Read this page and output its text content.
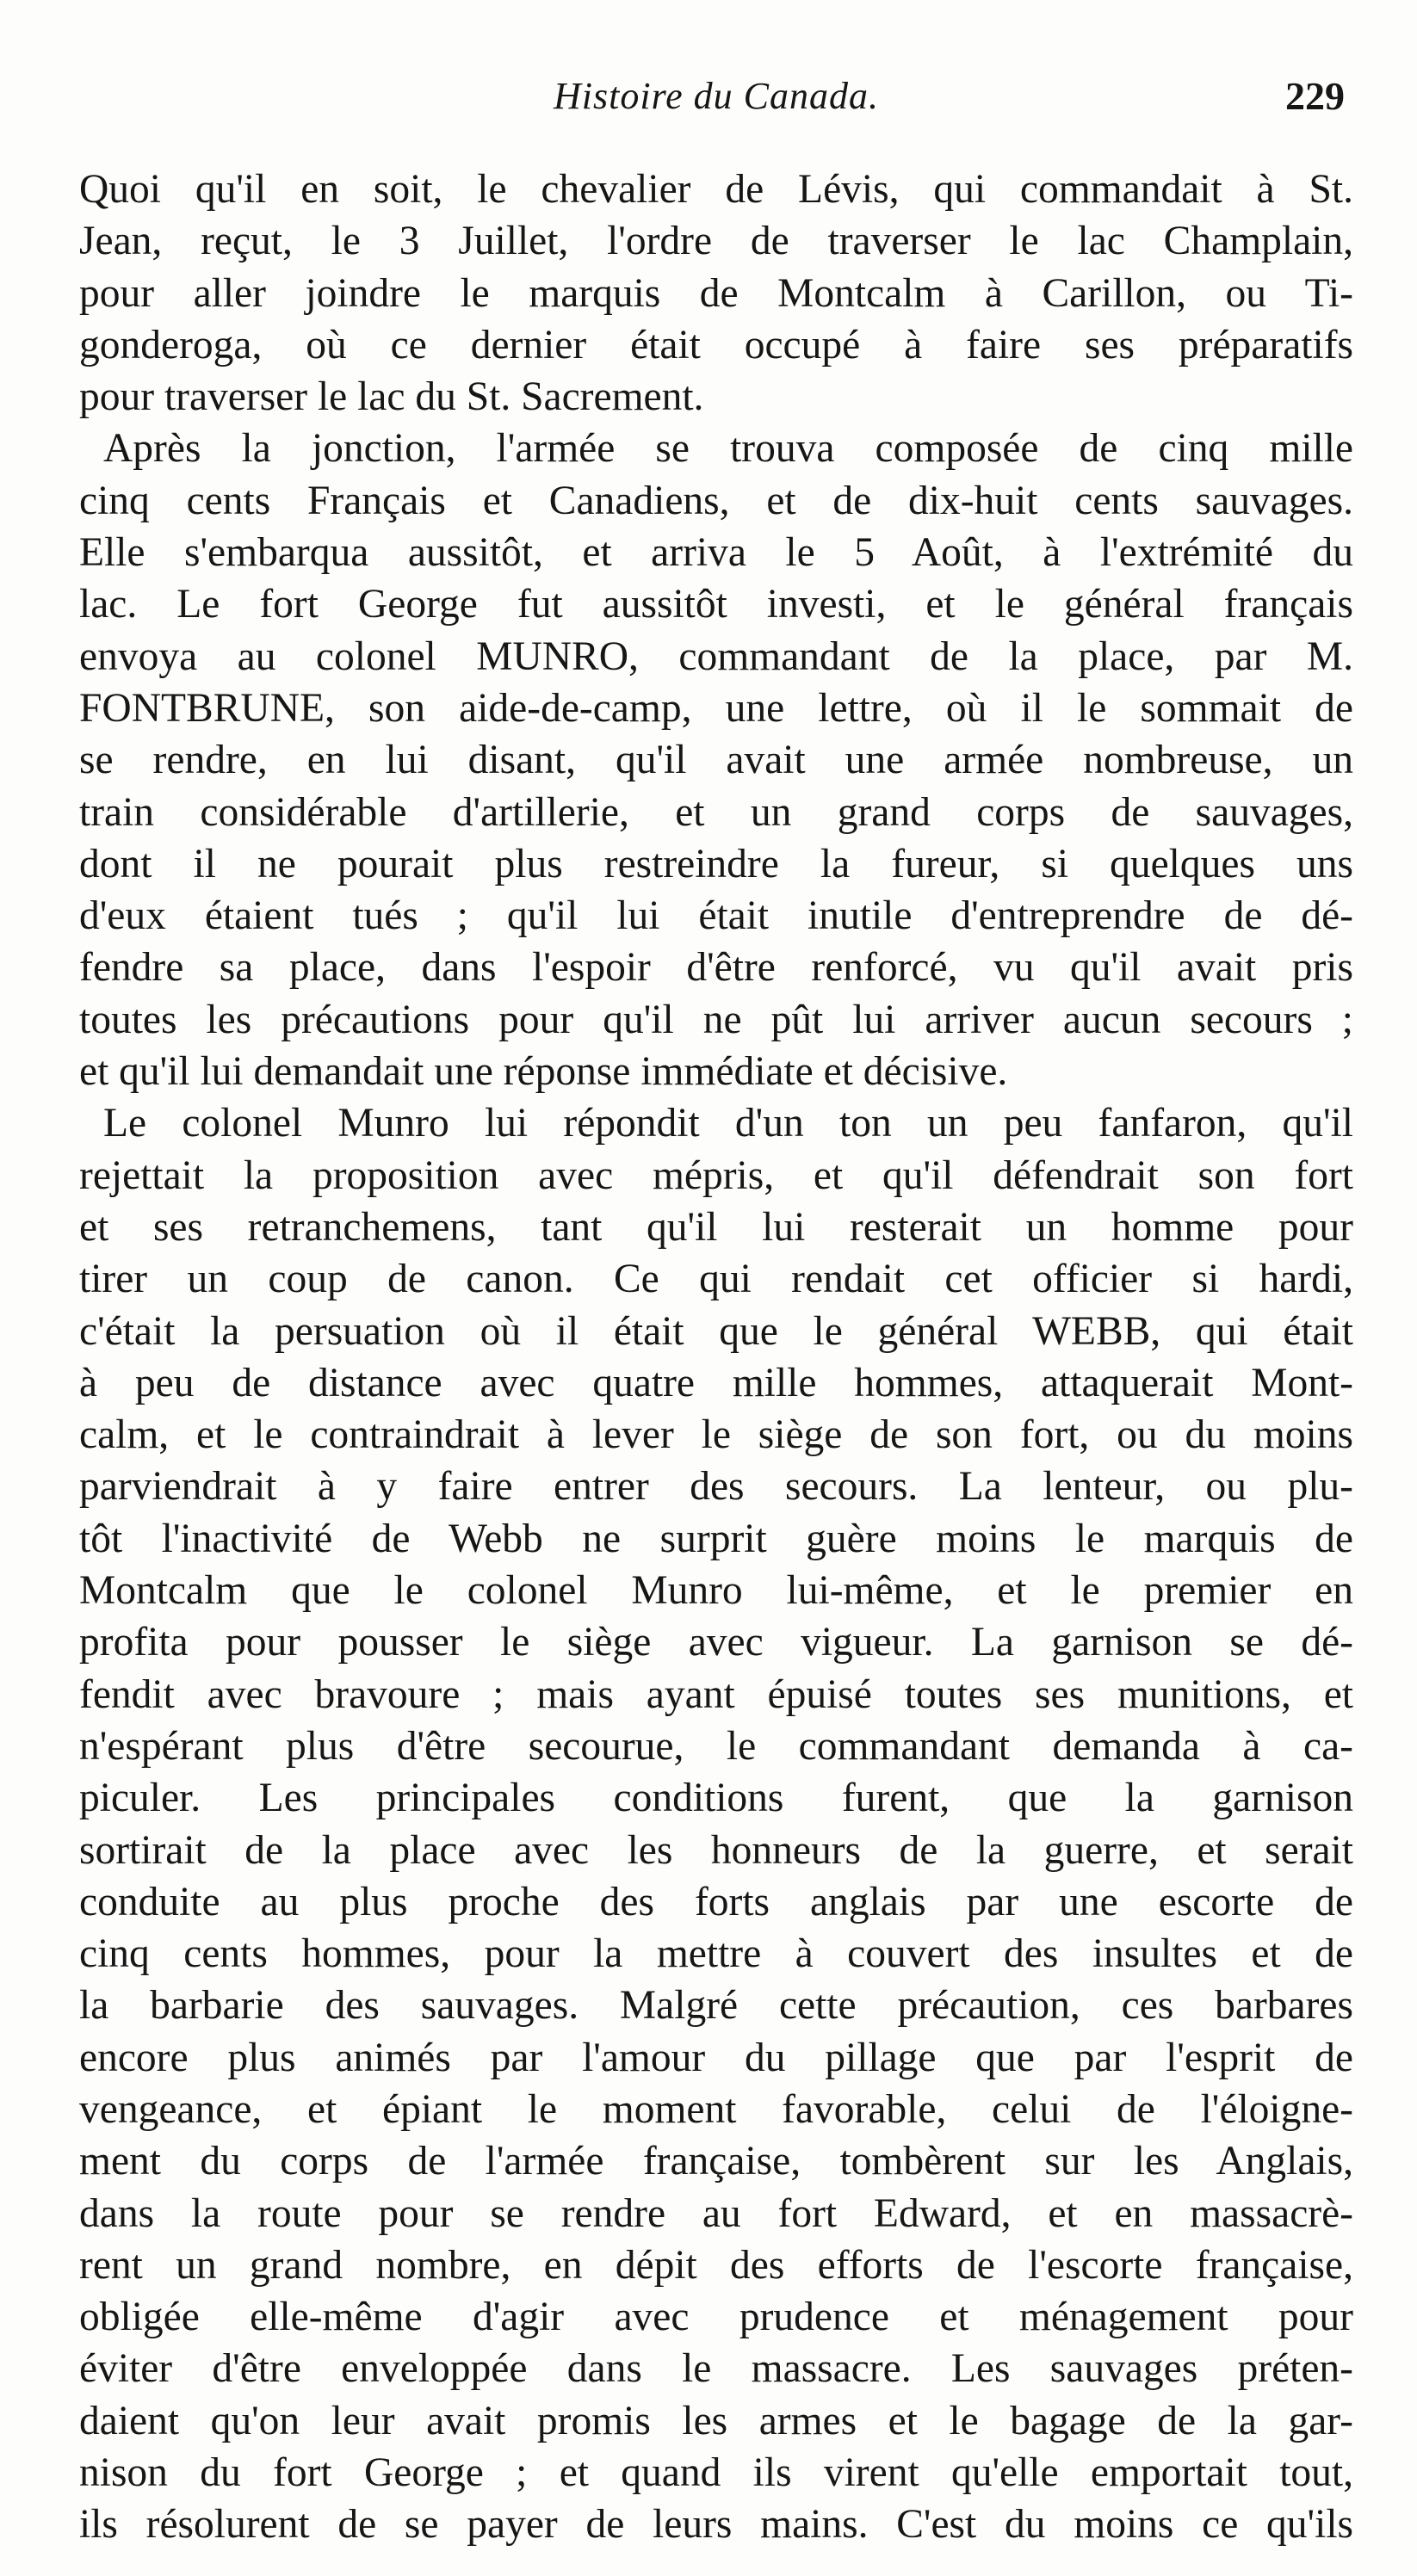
Histoire du Canada.	229
Quoi qu'il en soit, le chevalier de Lévis, qui commandait à St.
Jean, reçut, le 3 Juillet, l'ordre de traverser le lac Champlain,
pour aller joindre le marquis de Montcalm à Carillon, ou Ti-
gonderoga, où ce dernier était occupé à faire ses préparatifs
pour traverser le lac du St. Sacrement.
Après la jonction, l'armée se trouva composée de cinq mille
cinq cents Français et Canadiens, et de dix-huit cents sauvages.
Elle s'embarqua aussitôt, et arriva le 5 Août, à l'extrémité du
lac. Le fort George fut aussitôt investi, et le général français
envoya au colonel MUNRO, commandant de la place, par M.
FONTBRUNE, son aide-de-camp, une lettre, où il le sommait de
se rendre, en lui disant, qu'il avait une armée nombreuse, un
train considérable d'artillerie, et un grand corps de sauvages,
dont il ne pourait plus restreindre la fureur, si quelques uns
d'eux étaient tués ; qu'il lui était inutile d'entreprendre de dé-
fendre sa place, dans l'espoir d'être renforcé, vu qu'il avait pris
toutes les précautions pour qu'il ne pût lui arriver aucun secours ;
et qu'il lui demandait une réponse immédiate et décisive.
Le colonel Munro lui répondit d'un ton un peu fanfaron, qu'il
rejettait la proposition avec mépris, et qu'il défendrait son fort
et ses retranchemens, tant qu'il lui resterait un homme pour
tirer un coup de canon. Ce qui rendait cet officier si hardi,
c'était la persuation où il était que le général WEBB, qui était
à peu de distance avec quatre mille hommes, attaquerait Mont-
calm, et le contraindrait à lever le siège de son fort, ou du moins
parviendrait à y faire entrer des secours. La lenteur, ou plu-
tôt l'inactivité de Webb ne surprit guère moins le marquis de
Montcalm que le colonel Munro lui-même, et le premier en
profita pour pousser le siège avec vigueur. La garnison se dé-
fendit avec bravoure ; mais ayant épuisé toutes ses munitions, et
n'espérant plus d'être secourue, le commandant demanda à ca-
piculer. Les principales conditions furent, que la garnison
sortirait de la place avec les honneurs de la guerre, et serait
conduite au plus proche des forts anglais par une escorte de
cinq cents hommes, pour la mettre à couvert des insultes et de
la barbarie des sauvages. Malgré cette précaution, ces barbares
encore plus animés par l'amour du pillage que par l'esprit de
vengeance, et épiant le moment favorable, celui de l'éloigne-
ment du corps de l'armée française, tombèrent sur les Anglais,
dans la route pour se rendre au fort Edward, et en massacrè-
rent un grand nombre, en dépit des efforts de l'escorte française,
obligée elle-même d'agir avec prudence et ménagement pour
éviter d'être enveloppée dans le massacre. Les sauvages préten-
daient qu'on leur avait promis les armes et le bagage de la gar-
nison du fort George ; et quand ils virent qu'elle emportait tout,
ils résolurent de se payer de leurs mains. C'est du moins ce qu'ils
